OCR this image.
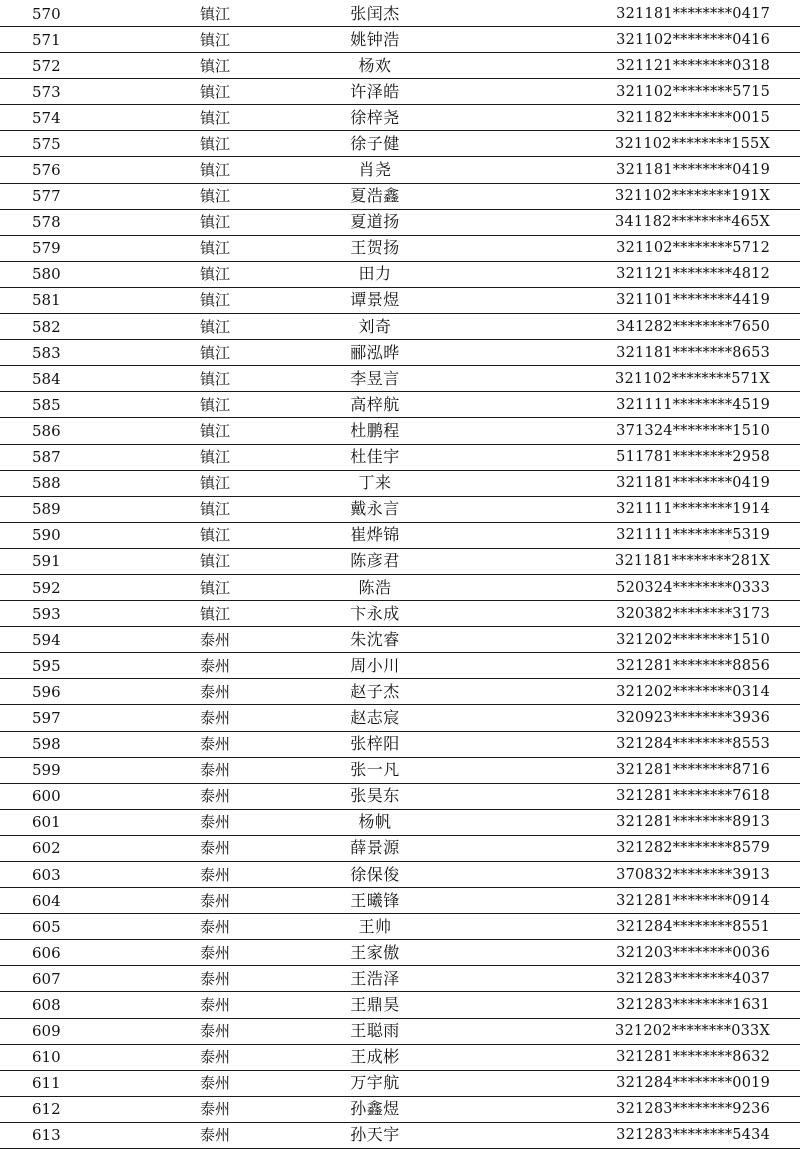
570	镇江	张闰杰	321181********0417
571	镇江	姚钟浩	321102********0416
572	镇江	杨欢	321121********0318
573	镇江	许泽皓	321102********5715
574	镇江	徐梓尧	321182********0015
575	镇江	徐子健	321102********155X
576	镇江	肖尧	321181********0419
577	镇江	夏浩鑫	321102********191X
578	镇江	夏道扬	341182********465X
579	镇江	王贺扬	321102********5712
580	镇江	田力	321121********4812
581	镇江	谭景煜	321101********4419
582	镇江	刘奇	341282********7650
583	镇江	郦泓晔	321181********8653
584	镇江	李昱言	321102********571X
585	镇江	高梓航	321111********4519
586	镇江	杜鹏程	371324********1510
587	镇江	杜佳宇	511781********2958
588	镇江	丁来	321181********0419
589	镇江	戴永言	321111********1914
590	镇江	崔烨锦	321111********5319
591	镇江	陈彦君	321181********281X
592	镇江	陈浩	520324********0333
593	镇江	卞永成	320382********3173
594	泰州	朱沈睿	321202********1510
595	泰州	周小川	321281********8856
596	泰州	赵子杰	321202********0314
597	泰州	赵志宸	320923********3936
598	泰州	张梓阳	321284********8553
599	泰州	张一凡	321281********8716
600	泰州	张昊东	321281********7618
601	泰州	杨帆	321281********8913
602	泰州	薛景源	321282********8579
603	泰州	徐保俊	370832********3913
604	泰州	王曦锋	321281********0914
605	泰州	王帅	321284********8551
606	泰州	王家傲	321203********0036
607	泰州	王浩泽	321283********4037
608	泰州	王鼎昊	321283********1631
609	泰州	王聪雨	321202********033X
610	泰州	王成彬	321281********8632
611	泰州	万宇航	321284********0019
612	泰州	孙鑫煜	321283********9236
613	泰州	孙天宇	321283********5434
